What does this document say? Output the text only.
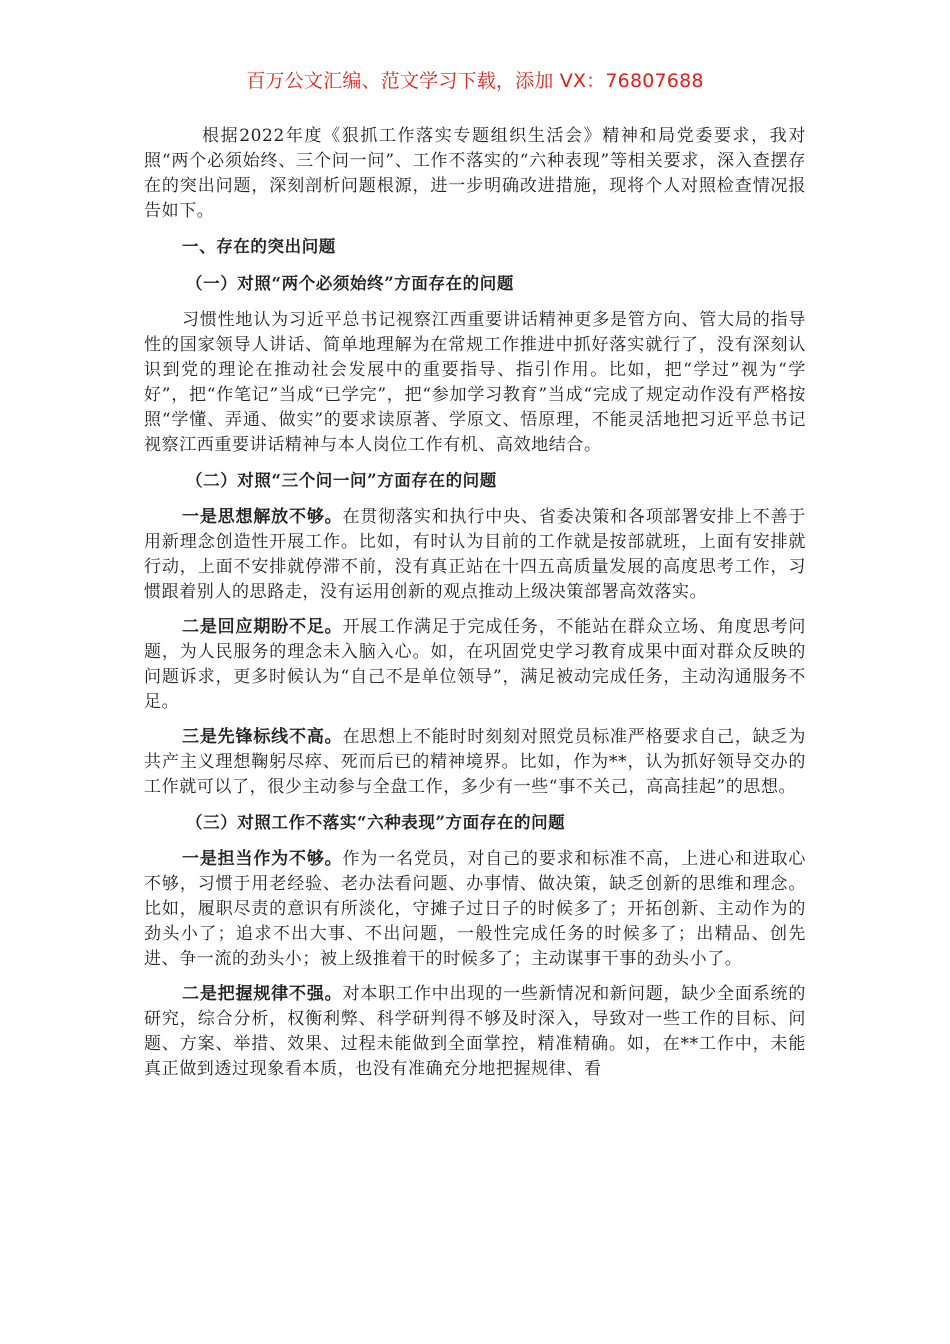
百万公文汇编、范文学习下载，添加 VX：76807688

根据2022年度《狠抓工作落实专题组织生活会》精神和局党委要求，我对照“两个必须始终、三个问一问”、工作不落实的“六种表现”等相关要求，深入查摆存在的突出问题，深刻剖析问题根源，进一步明确改进措施，现将个人对照检查情况报告如下。

一、存在的突出问题

（一）对照“两个必须始终”方面存在的问题

习惯性地认为习近平总书记视察江西重要讲话精神更多是管方向、管大局的指导性的国家领导人讲话、简单地理解为在常规工作推进中抓好落实就行了，没有深刻认识到党的理论在推动社会发展中的重要指导、指引作用。比如，把“学过”视为“学好”，把“作笔记”当成“已学完”，把“参加学习教育”当成“完成了规定动作没有严格按照“学懂、弄通、做实”的要求读原著、学原文、悟原理，不能灵活地把习近平总书记视察江西重要讲话精神与本人岗位工作有机、高效地结合。

（二）对照“三个问一问”方面存在的问题

一是思想解放不够。在贯彻落实和执行中央、省委决策和各项部署安排上不善于用新理念创造性开展工作。比如，有时认为目前的工作就是按部就班，上面有安排就行动，上面不安排就停滞不前，没有真正站在十四五高质量发展的高度思考工作，习惯跟着别人的思路走，没有运用创新的观点推动上级决策部署高效落实。

二是回应期盼不足。开展工作满足于完成任务，不能站在群众立场、角度思考问题，为人民服务的理念未入脑入心。如，在巩固党史学习教育成果中面对群众反映的问题诉求，更多时候认为“自己不是单位领导”，满足被动完成任务，主动沟通服务不足。

三是先锋标线不高。在思想上不能时时刻刻对照党员标准严格要求自己，缺乏为共产主义理想鞠躬尽瘁、死而后已的精神境界。比如，作为**，认为抓好领导交办的工作就可以了，很少主动参与全盘工作，多少有一些“事不关己，高高挂起”的思想。

（三）对照工作不落实“六种表现”方面存在的问题

一是担当作为不够。作为一名党员，对自己的要求和标准不高，上进心和进取心不够，习惯于用老经验、老办法看问题、办事情、做决策，缺乏创新的思维和理念。比如，履职尽责的意识有所淡化，守摊子过日子的时候多了；开拓创新、主动作为的劲头小了；追求不出大事、不出问题，一般性完成任务的时候多了；出精品、创先进、争一流的劲头小；被上级推着干的时候多了；主动谋事干事的劲头小了。

二是把握规律不强。对本职工作中出现的一些新情况和新问题，缺少全面系统的研究，综合分析，权衡利弊、科学研判得不够及时深入，导致对一些工作的目标、问题、方案、举措、效果、过程未能做到全面掌控，精准精确。如，在**工作中，未能真正做到透过现象看本质，也没有准确充分地把握规律、看
